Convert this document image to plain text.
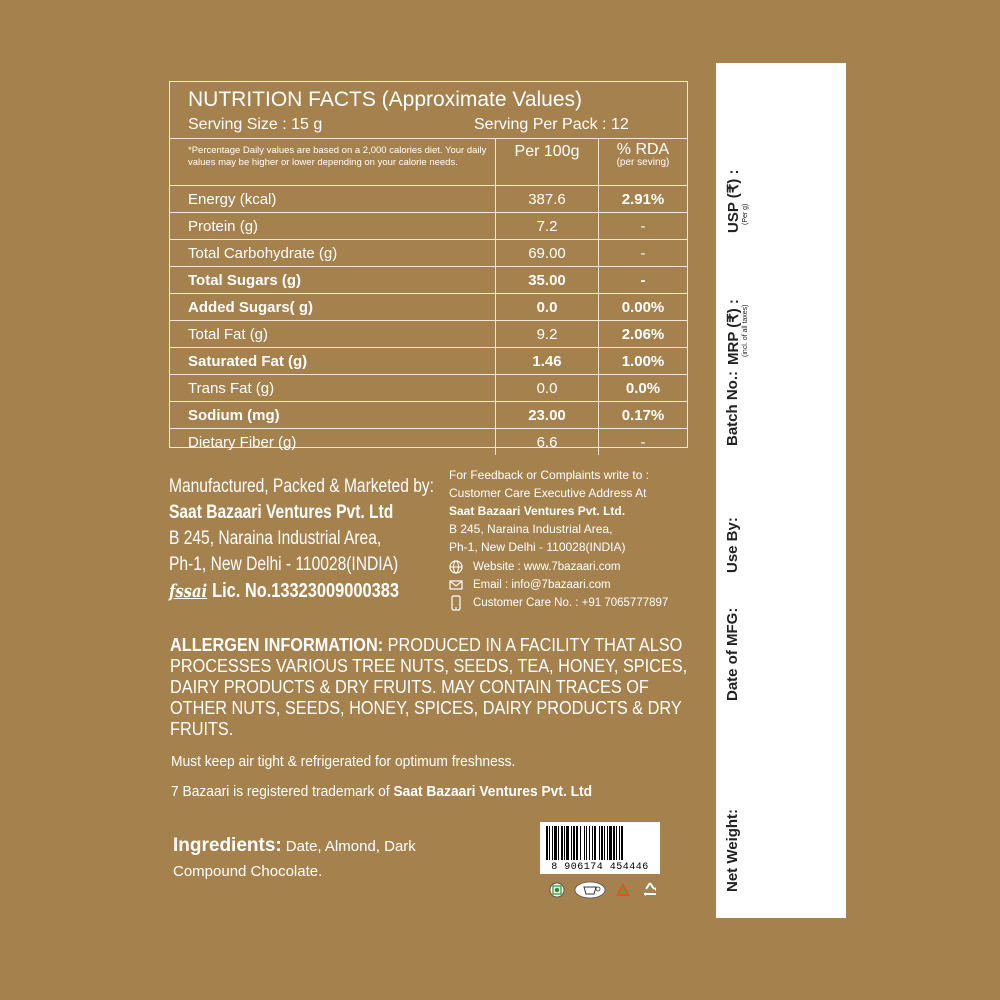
NUTRITION FACTS (Approximate Values)
Serving Size : 15 g	Serving Per Pack : 12
*Percentage Daily values are based on a 2,000 calories diet. Your daily values may be higher or lower depending on your calorie needs.	Per 100g	% RDA
(per seving)

Energy (kcal)	387.6	2.91%
Protein (g)	7.2	-
Total Carbohydrate (g)	69.00	-
Total Sugars (g)	35.00	-
Added Sugars( g)	0.0	0.00%
Total Fat (g)	9.2	2.06%
Saturated Fat (g)	1.46	1.00%
Trans Fat (g)	0.0	0.0%
Sodium (mg)	23.00	0.17%
Dietary Fiber (g)	6.6	-
Manufactured, Packed & Marketed by:
Saat Bazaari Ventures Pvt. Ltd
B 245, Naraina Industrial Area,
Ph-1, New Delhi - 110028(INDIA)
fssai Lic. No.13323009000383
For Feedback or Complaints write to :
Customer Care Executive Address At
Saat Bazaari Ventures Pvt. Ltd.
B 245, Naraina Industrial Area,
Ph-1, New Delhi - 110028(INDIA)
Website : www.7bazaari.com
Email : info@7bazaari.com
Customer Care No. : +91 7065777897
ALLERGEN INFORMATION: PRODUCED IN A FACILITY THAT ALSO PROCESSES VARIOUS TREE NUTS, SEEDS, TEA, HONEY, SPICES, DAIRY PRODUCTS & DRY FRUITS. MAY CONTAIN TRACES OF OTHER NUTS, SEEDS, HONEY, SPICES, DAIRY PRODUCTS & DRY FRUITS.
Must keep air tight & refrigerated for optimum freshness.
7 Bazaari is registered trademark of Saat Bazaari Ventures Pvt. Ltd
Ingredients: Date, Almond, Dark Compound Chocolate.	8 906174 454446
USP (₹) : (Per g)
MRP (₹) : (incl. of all taxes)
Batch No.:
Use By:
Date of MFG:
Net Weight:
